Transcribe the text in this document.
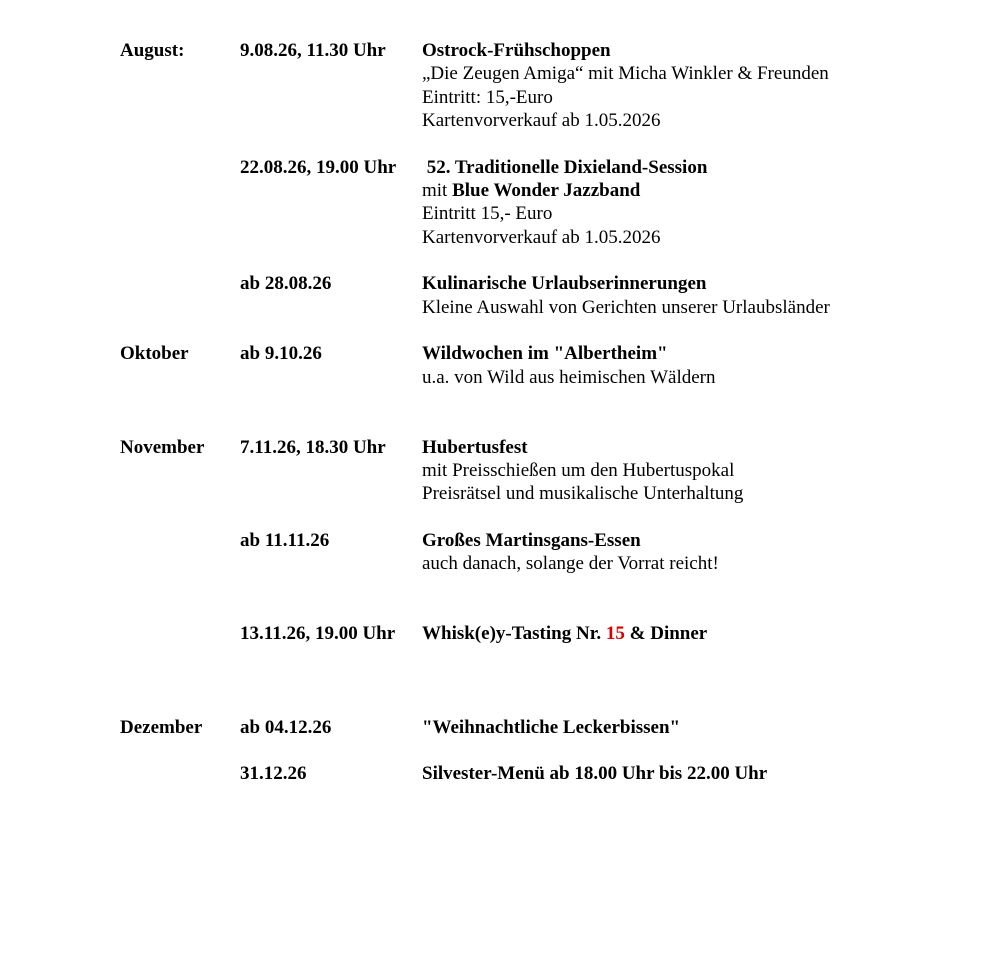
August:	9.08.26, 11.30 Uhr	Ostrock-Frühschoppen
„Die Zeugen Amiga“ mit Micha Winkler & Freunden
Eintritt: 15,-Euro
Kartenvorverkauf ab 1.05.2026
22.08.26, 19.00 Uhr	52. Traditionelle Dixieland-Session
mit Blue Wonder Jazzband
Eintritt 15,- Euro
Kartenvorverkauf ab 1.05.2026
ab 28.08.26	Kulinarische Urlaubserinnerungen
Kleine Auswahl von Gerichten unserer Urlaubsländer
Oktober	ab 9.10.26	Wildwochen im "Albertheim"
u.a. von Wild aus heimischen Wäldern
November	7.11.26, 18.30 Uhr	Hubertusfest
mit Preisschießen um den Hubertuspokal
Preisrätsel und musikalische Unterhaltung
ab 11.11.26	Großes Martinsgans-Essen
auch danach, solange der Vorrat reicht!
13.11.26, 19.00 Uhr	Whisk(e)y-Tasting Nr. 15 & Dinner
Dezember	ab 04.12.26	"Weihnachtliche Leckerbissen"
31.12.26	Silvester-Menü ab 18.00 Uhr bis 22.00 Uhr
